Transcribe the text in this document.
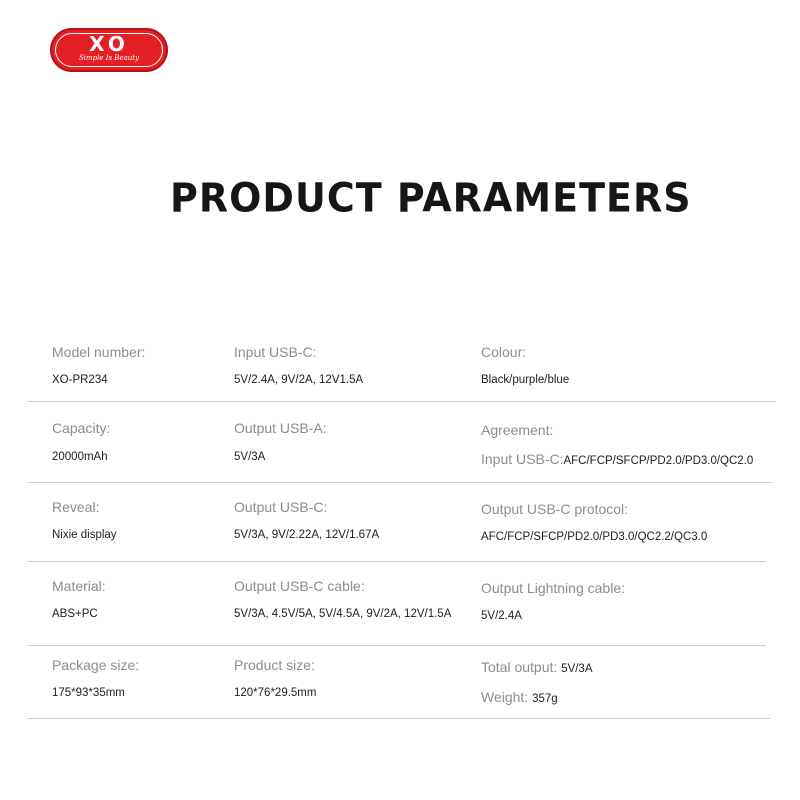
XO
Simple Is Beauty
PRODUCT PARAMETERS
Model number:
XO-PR234
Input USB-C:
5V/2.4A, 9V/2A, 12V1.5A
Colour:
Black/purple/blue
Capacity:
20000mAh
Output USB-A:
5V/3A
Agreement:
Input USB-C:AFC/FCP/SFCP/PD2.0/PD3.0/QC2.0
Reveal:
Nixie display
Output USB-C:
5V/3A, 9V/2.22A, 12V/1.67A
Output USB-C protocol:
AFC/FCP/SFCP/PD2.0/PD3.0/QC2.2/QC3.0
Material:
ABS+PC
Output USB-C cable:
5V/3A, 4.5V/5A, 5V/4.5A, 9V/2A, 12V/1.5A
Output Lightning cable:
5V/2.4A
Package size:
175*93*35mm
Product size:
120*76*29.5mm
Total output: 5V/3A
Weight: 357g
